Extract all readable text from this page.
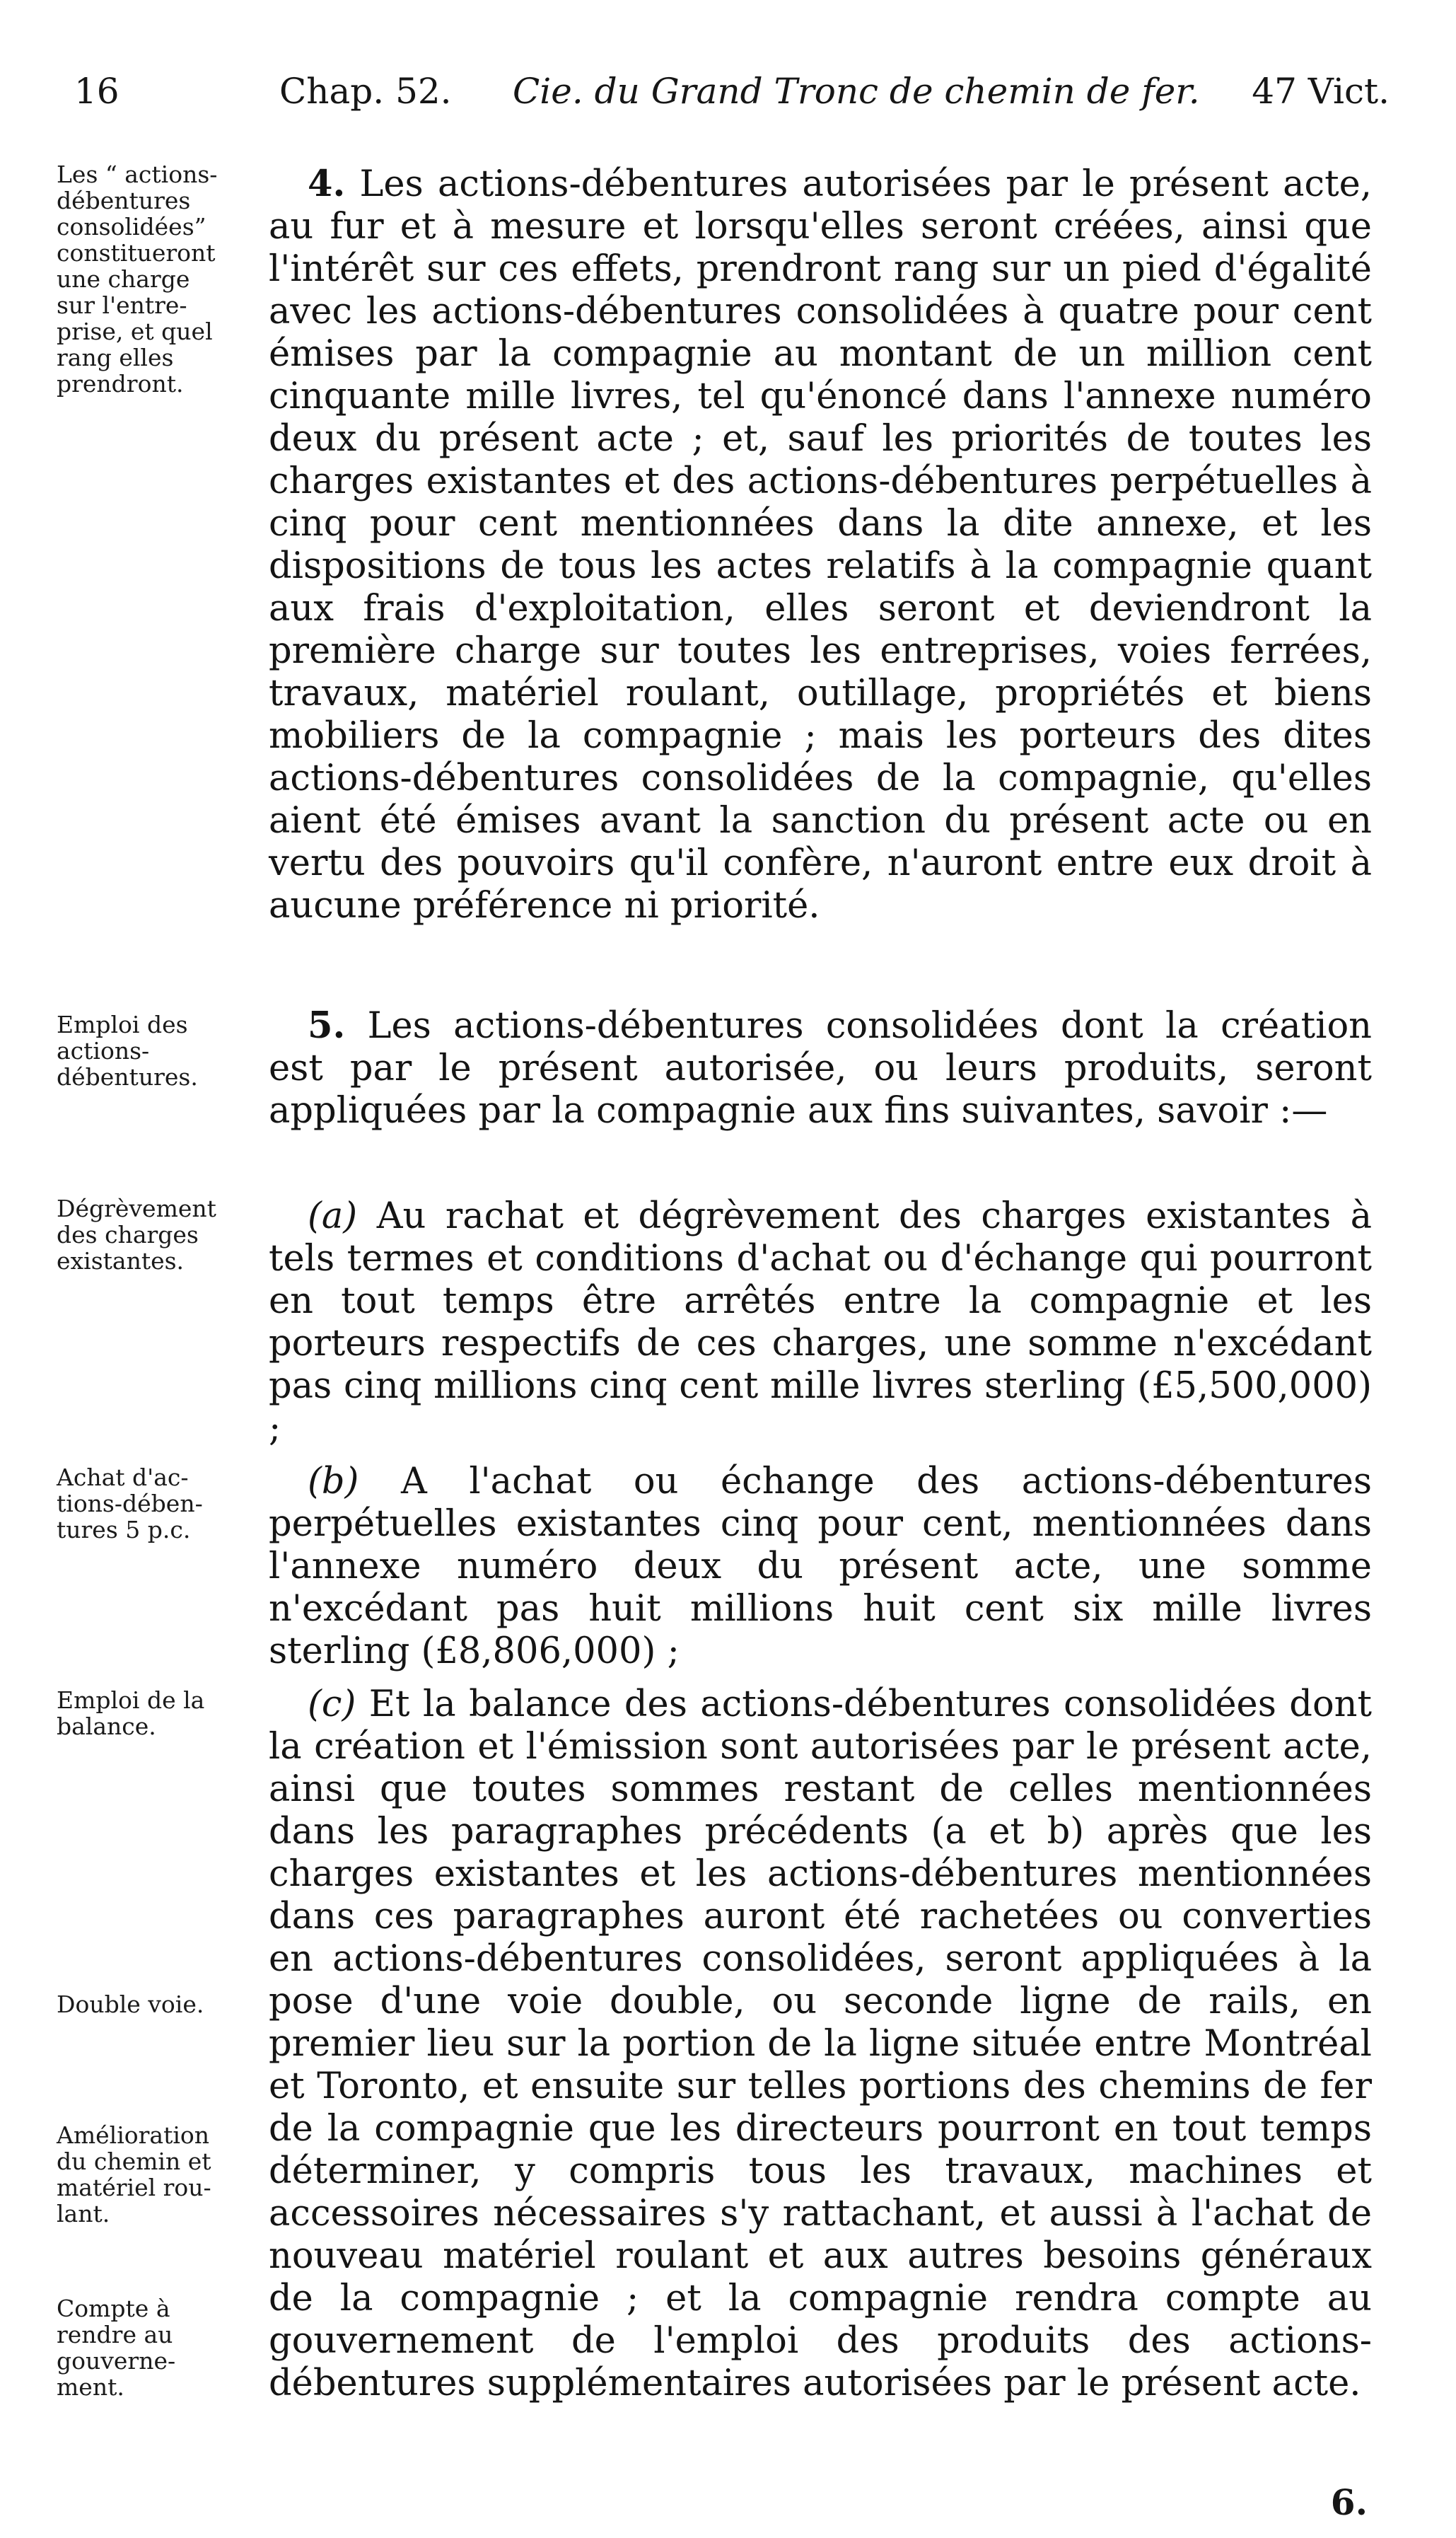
16	Chap. 52. Cie. du Grand Tronc de chemin de fer. 47 Vict.
Les “ actions-
débentures
consolidées”
constitueront
une charge
sur l'entre-
prise, et quel
rang elles
prendront.
4. Les actions-débentures autorisées par le présent acte, au fur et à mesure et lorsqu'elles seront créées, ainsi que l'intérêt sur ces effets, prendront rang sur un pied d'égalité avec les actions-débentures consolidées à quatre pour cent émises par la compagnie au montant de un million cent cinquante mille livres, tel qu'énoncé dans l'annexe numéro deux du présent acte ; et, sauf les priorités de toutes les charges existantes et des actions-débentures perpétuelles à cinq pour cent mentionnées dans la dite annexe, et les dispositions de tous les actes relatifs à la compagnie quant aux frais d'exploitation, elles seront et deviendront la première charge sur toutes les entreprises, voies ferrées, travaux, matériel roulant, outillage, propriétés et biens mobiliers de la compagnie ; mais les porteurs des dites actions-débentures consolidées de la compagnie, qu'elles aient été émises avant la sanction du présent acte ou en vertu des pouvoirs qu'il confère, n'auront entre eux droit à aucune préférence ni priorité.
Emploi des
actions-
débentures.
5. Les actions-débentures consolidées dont la création est par le présent autorisée, ou leurs produits, seront appliquées par la compagnie aux fins suivantes, savoir :—
Dégrèvement
des charges
existantes.
(a) Au rachat et dégrèvement des charges existantes à tels termes et conditions d'achat ou d'échange qui pourront en tout temps être arrêtés entre la compagnie et les porteurs respectifs de ces charges, une somme n'excédant pas cinq millions cinq cent mille livres sterling (£5,500,000) ;
Achat d'ac-
tions-dében-
tures 5 p.c.
(b) A l'achat ou échange des actions-débentures perpétuelles existantes cinq pour cent, mentionnées dans l'annexe numéro deux du présent acte, une somme n'excédant pas huit millions huit cent six mille livres sterling (£8,806,000) ;
Emploi de la
balance.
(c) Et la balance des actions-débentures consolidées dont la création et l'émission sont autorisées par le présent acte, ainsi que toutes sommes restant de celles mentionnées dans les paragraphes précédents (a et b) après que les charges existantes et les actions-débentures mentionnées dans ces paragraphes auront été rachetées ou converties en actions-débentures consolidées, seront appliquées à la pose d'une voie double, ou seconde ligne de rails, en premier lieu sur la portion de la ligne située entre Montréal et Toronto, et ensuite sur telles portions des chemins de fer de la compagnie que les directeurs pourront en tout temps déterminer, y compris tous les travaux, machines et accessoires nécessaires s'y rattachant, et aussi à l'achat de nouveau matériel roulant et aux autres besoins généraux de la compagnie ; et la compagnie rendra compte au gouvernement de l'emploi des produits des actions-débentures supplémentaires autorisées par le présent acte.
Double voie.
Amélioration
du chemin et
matériel rou-
lant.
Compte à
rendre au
gouverne-
ment.
6.
